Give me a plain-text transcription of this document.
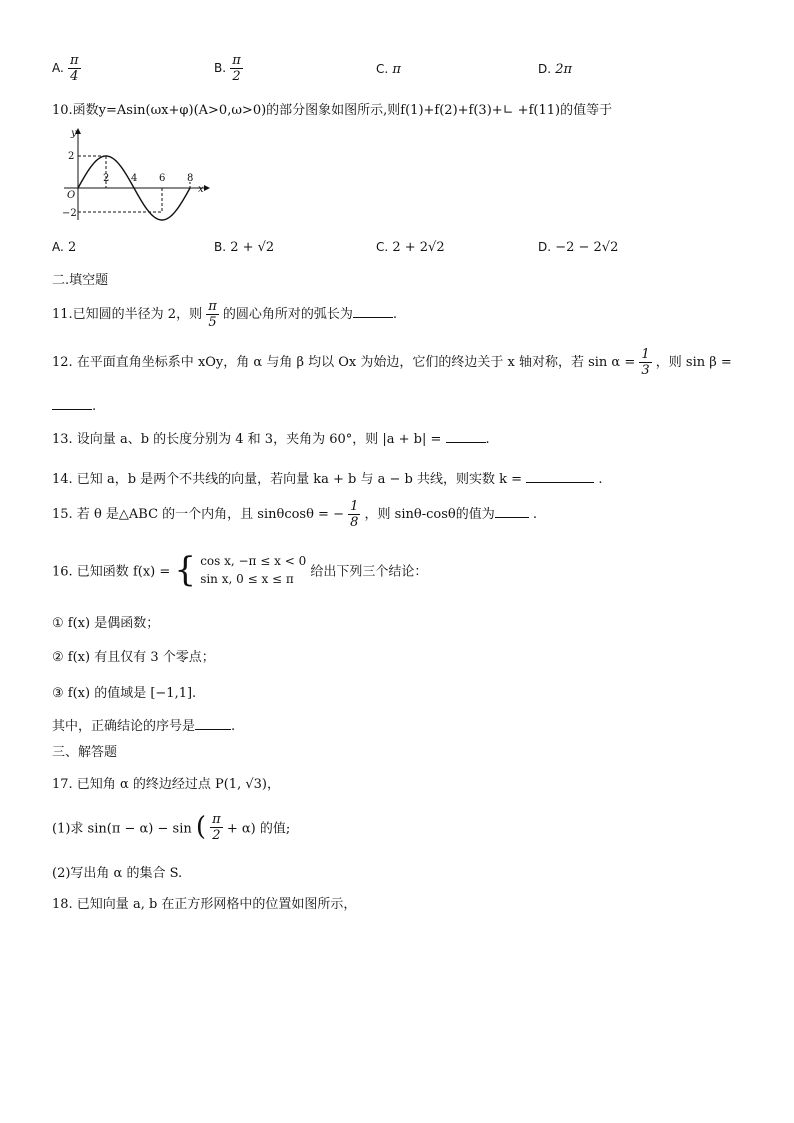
A. $\frac{\pi}{4}$	B. $\frac{\pi}{2}$	C. π	D. 2π
10.函数y=Asin(ωx+φ)(A>0,ω>0)的部分图象如图所示,则f(1)+f(2)+f(3)+∟ +f(11)的值等于
y
x
O
2
−2
2 4 6 8
A. 2	B. 2 + √2	C. 2 + 2√2	D. −2 − 2√2
二.填空题
11.已知圆的半径为 2，则 $\frac{\pi}{5}$ 的圆心角所对的弧长为	.
12. 在平面直角坐标系中 xOy，角 α 与角 β 均以 Ox 为始边，它们的终边关于 x 轴对称，若 $\sin \alpha = \frac{1}{3}$ ，则 sin β =
.
13. 设向量 a、b 的长度分别为 4 和 3，夹角为 60°，则 |a + b| =	.
14. 已知 a，b 是两个不共线的向量，若向量 ka + b 与 a − b 共线，则实数 k =	.
15. 若 θ 是△ABC 的一个内角，且 sinθcosθ = − $\frac{1}{8}$ ，则 sinθ-cosθ的值为	.
16. 已知函数 f(x) = { cos x, −π ≤ x < 0
sin x, 0 ≤ x ≤ π	给出下列三个结论：
① f(x) 是偶函数；
② f(x) 有且仅有 3 个零点；
③ f(x) 的值域是 [−1,1].
其中，正确结论的序号是	.
三、解答题
17. 已知角 α 的终边经过点 P(1, √3)，
(1)求 sin(π − α) − sin ( $\frac{\pi}{2} + \alpha$) 的值;
(2)写出角 α 的集合 S.
18. 已知向量 a, b 在正方形网格中的位置如图所示，
